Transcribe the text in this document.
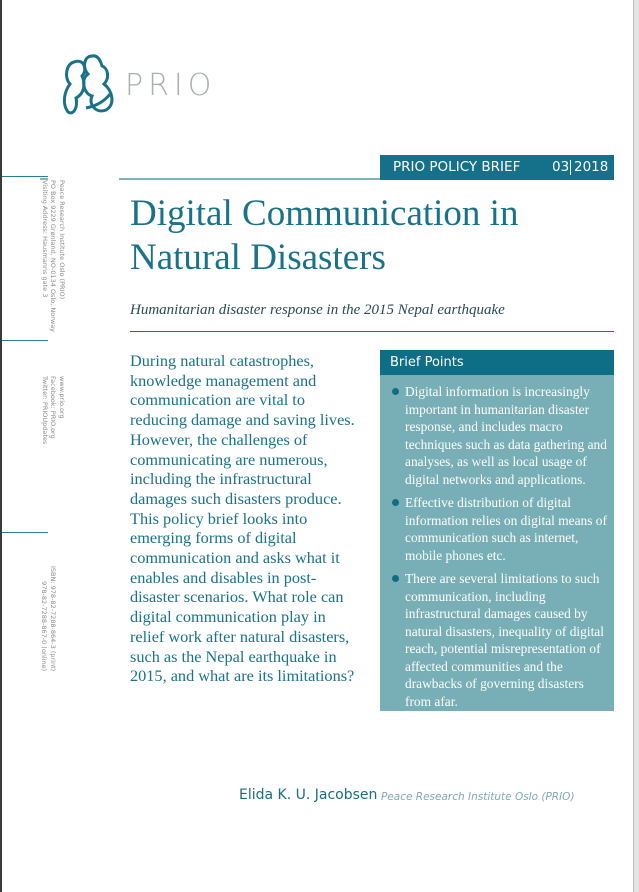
PRIO
PRIO POLICY BRIEF 03 2018
Digital Communication in
Natural Disasters
Humanitarian disaster response in the 2015 Nepal earthquake
During natural catastrophes, knowledge management and communication are vital to reducing damage and saving lives. However, the challenges of communicating are numerous, including the infrastructural damages such disasters produce. This policy brief looks into emerging forms of digital communication and asks what it enables and disables in post-disaster scenarios. What role can digital communication play in relief work after natural disasters, such as the Nepal earthquake in 2015, and what are its limitations?
Brief Points
Digital information is increasingly important in humanitarian disaster response, and includes macro techniques such as data gathering and analyses, as well as local usage of digital networks and applications.
Effective distribution of digital information relies on digital means of communication such as internet, mobile phones etc.
There are several limitations to such communication, including infrastructural damages caused by natural disasters, inequality of digital reach, potential misrepresentation of affected communities and the drawbacks of governing disasters from afar.
Peace Research Institute Oslo (PRIO)
PO Box 9229 Grønland, NO-0134 Oslo, Norway
Visiting Address: Hausmanns gate 3
www.prio.org
Facebook: PRIO.org
Twitter: PRIOUpdates
ISBN: 978-82-7288-864-3 (print)
978-82-7288-867-0 (online)
Elida K. U. Jacobsen Peace Research Institute Oslo (PRIO)
